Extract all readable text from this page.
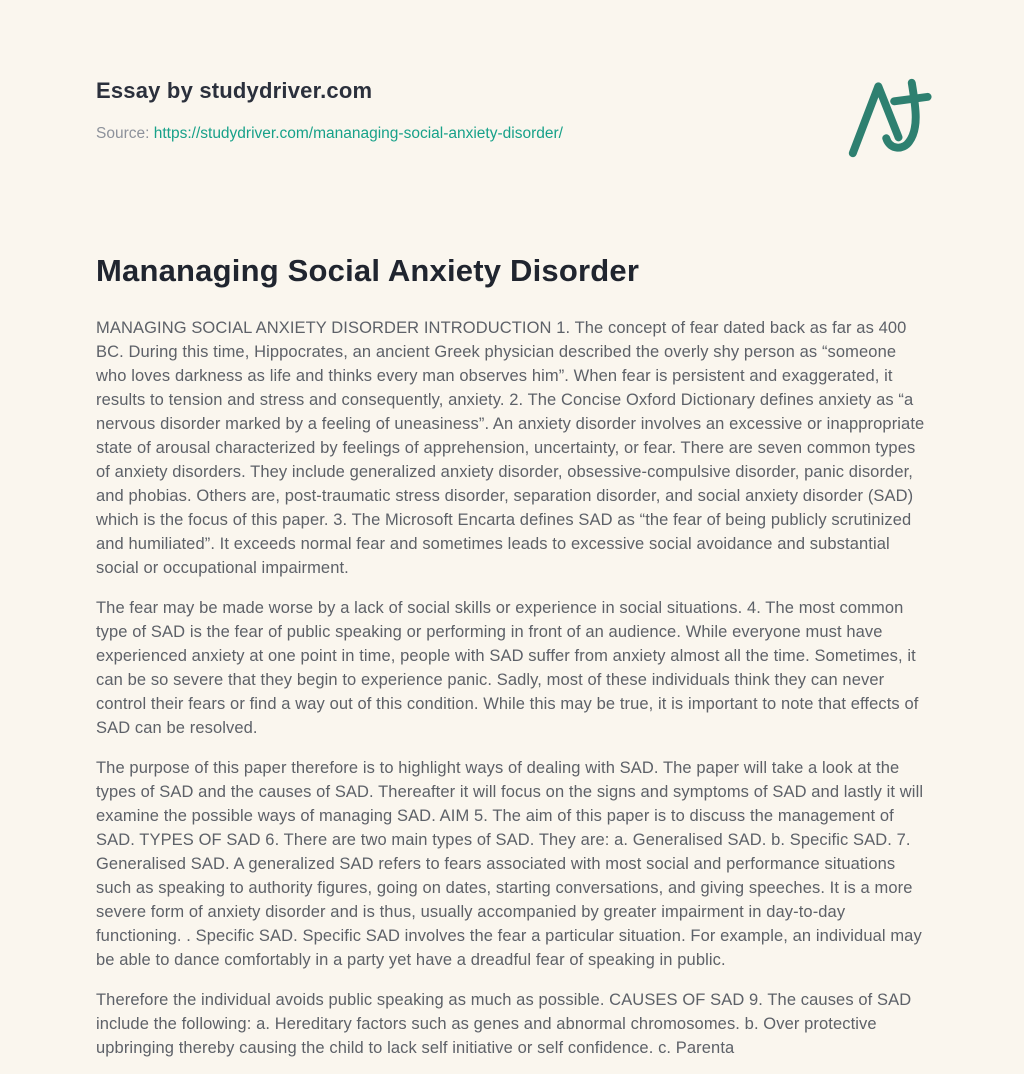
Essay by studydriver.com
Source: https://studydriver.com/mananaging-social-anxiety-disorder/
Mananaging Social Anxiety Disorder

MANAGING SOCIAL ANXIETY DISORDER INTRODUCTION 1. The concept of fear dated back as far as 400 BC. During this time, Hippocrates, an ancient Greek physician described the overly shy person as “someone who loves darkness as life and thinks every man observes him”. When fear is persistent and exaggerated, it results to tension and stress and consequently, anxiety. 2. The Concise Oxford Dictionary defines anxiety as “a nervous disorder marked by a feeling of uneasiness”. An anxiety disorder involves an excessive or inappropriate state of arousal characterized by feelings of apprehension, uncertainty, or fear. There are seven common types of anxiety disorders. They include generalized anxiety disorder, obsessive-compulsive disorder, panic disorder, and phobias. Others are, post-traumatic stress disorder, separation disorder, and social anxiety disorder (SAD) which is the focus of this paper. 3. The Microsoft Encarta defines SAD as “the fear of being publicly scrutinized and humiliated”. It exceeds normal fear and sometimes leads to excessive social avoidance and substantial social or occupational impairment.

The fear may be made worse by a lack of social skills or experience in social situations. 4. The most common type of SAD is the fear of public speaking or performing in front of an audience. While everyone must have experienced anxiety at one point in time, people with SAD suffer from anxiety almost all the time. Sometimes, it can be so severe that they begin to experience panic. Sadly, most of these individuals think they can never control their fears or find a way out of this condition. While this may be true, it is important to note that effects of SAD can be resolved.

The purpose of this paper therefore is to highlight ways of dealing with SAD. The paper will take a look at the types of SAD and the causes of SAD. Thereafter it will focus on the signs and symptoms of SAD and lastly it will examine the possible ways of managing SAD. AIM 5. The aim of this paper is to discuss the management of SAD. TYPES OF SAD 6. There are two main types of SAD. They are: a. Generalised SAD. b. Specific SAD. 7. Generalised SAD. A generalized SAD refers to fears associated with most social and performance situations such as speaking to authority figures, going on dates, starting conversations, and giving speeches. It is a more severe form of anxiety disorder and is thus, usually accompanied by greater impairment in day-to-day functioning. . Specific SAD. Specific SAD involves the fear a particular situation. For example, an individual may be able to dance comfortably in a party yet have a dreadful fear of speaking in public.

Therefore the individual avoids public speaking as much as possible. CAUSES OF SAD 9. The causes of SAD include the following: a. Hereditary factors such as genes and abnormal chromosomes. b. Over protective upbringing thereby causing the child to lack self initiative or self confidence. c. Parenta
